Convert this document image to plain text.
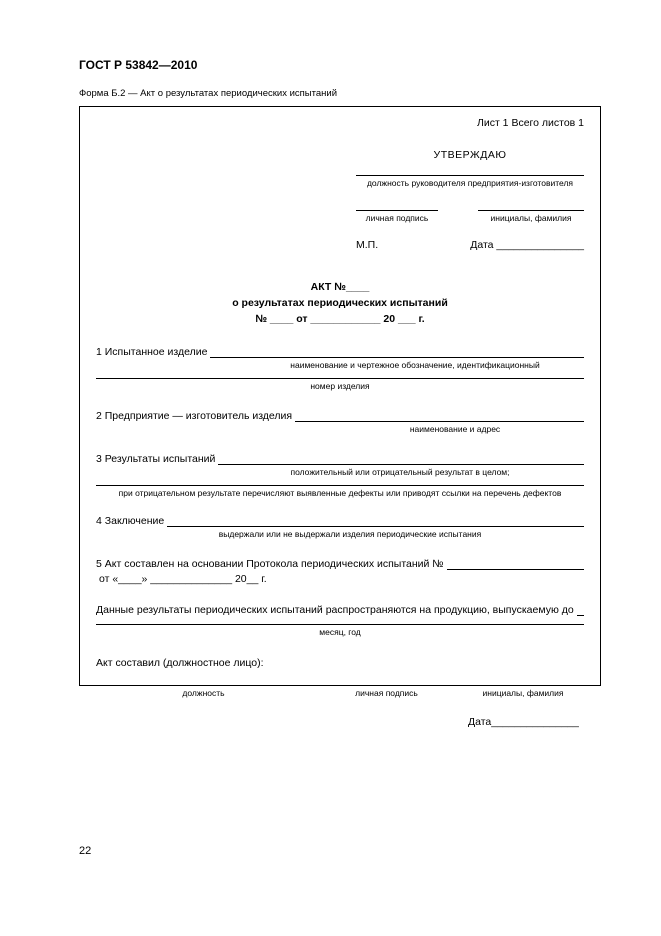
ГОСТ Р 53842—2010
Форма Б.2 — Акт о результатах периодических испытаний
Лист 1 Всего листов 1
УТВЕРЖДАЮ
должность руководителя предприятия-изготовителя
личная подпись	инициалы, фамилия
М.П.	Дата _______________
АКТ №____
о результатах периодических испытаний
№ ____ от ____________ 20 ___ г.
1 Испытанное изделие
наименование и чертежное обозначение, идентификационный
номер изделия
2 Предприятие — изготовитель изделия
наименование и адрес
3 Результаты испытаний
положительный или отрицательный результат в целом;
при отрицательном результате перечисляют выявленные дефекты или приводят ссылки на перечень дефектов
4 Заключение
выдержали или не выдержали изделия периодические испытания
5 Акт составлен на основании Протокола периодических испытаний №
от «____» ______________ 20__ г.
Данные результаты периодических испытаний распространяются на продукцию, выпускаемую до
месяц, год
Акт составил (должностное лицо):
должность	личная подпись	инициалы, фамилия
Дата_______________
22
